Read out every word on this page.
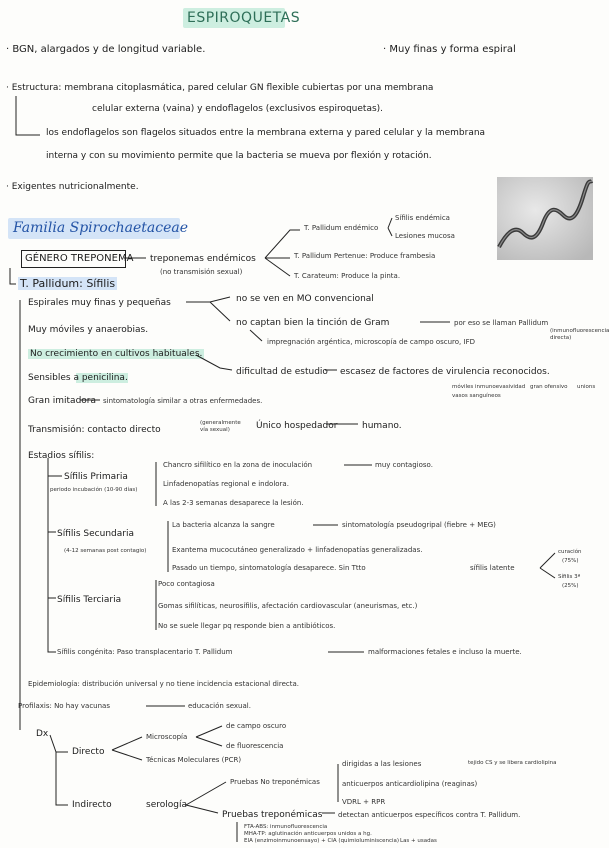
ESPIROQUETAS
· BGN, alargados y de longitud variable.	· Muy finas y forma espiral
· Estructura: membrana citoplasmática, pared celular GN flexible cubiertas por una membrana
celular externa (vaina) y endoflagelos (exclusivos espiroquetas).
los endoflagelos son flagelos situados entre la membrana externa y pared celular y la membrana
interna y con su movimiento permite que la bacteria se mueva por flexión y rotación.
· Exigentes nutricionalmente.
Familia Spirochaetaceae
GÉNERO TREPONEMA treponemas endémicos
(no transmisión sexual)
T. Pallidum endémico
Sífilis endémica
Lesiones mucosa
T. Pallidum Pertenue: Produce frambesia
T. Carateum: Produce la pinta.
T. Pallidum: Sífilis
Espirales muy finas y pequeñas	no se ven en MO convencional
no captan bien la tinción de Gram	por eso se llaman Pallidum
impregnación argéntica, microscopía de campo oscuro, IFD
(inmunofluorescencia directa)
Muy móviles y anaerobias.
No crecimiento en cultivos habituales.
dificultad de estudio escasez de factores de virulencia reconocidos.
móviles inmunoevasividad gran ofensivo unions
vasos sanguíneos
Sensibles a penicilina.
Gran imitadora sintomatología similar a otras enfermedades.
Transmisión: contacto directo
(generalmente vía sexual)	Único hospedador	humano.
Estadios sífilis:
Sífilis Primaria
periodo incubación (10-90 días)
Chancro sifilítico en la zona de inoculación	muy contagioso.
Linfadenopatías regional e indolora.
A las 2-3 semanas desaparece la lesión.
Sífilis Secundaria
(4-12 semanas post contagio)
La bacteria alcanza la sangre	sintomatología pseudogripal (fiebre + MEG)
Exantema mucocutáneo generalizado + linfadenopatías generalizadas.
Pasado un tiempo, sintomatología desaparece. Sin Ttto	sífilis latente
curación
(75%)
Sífilis 3ª
(25%)
Sífilis Terciaria
Poco contagiosa
Gomas sifilíticas, neurosífilis, afectación cardiovascular (aneurismas, etc.)
No se suele llegar pq responde bien a antibióticos.
Sífilis congénita: Paso transplacentario T. Pallidum	malformaciones fetales e incluso la muerte.
Epidemiología: distribución universal y no tiene incidencia estacional directa.
Profilaxis: No hay vacunas	educación sexual.
Dx
Directo
Microscopía
de campo oscuro
de fluorescencia
Técnicas Moleculares (PCR)
Indirecto	serología
Pruebas No treponémicas
dirigidas a las lesiones	tejido CS y se libera cardiolipina
anticuerpos anticardiolipina (reaginas)
VDRL + RPR
Pruebas treponémicas detectan anticuerpos específicos contra T. Pallidum.
FTA-ABS: inmunofluorescencia
MHA-TP: aglutinación anticuerpos unidos a hg.
EIA (enzimoinmunoensayo) + CIA (quimioluminiscencia) Las + usadas
